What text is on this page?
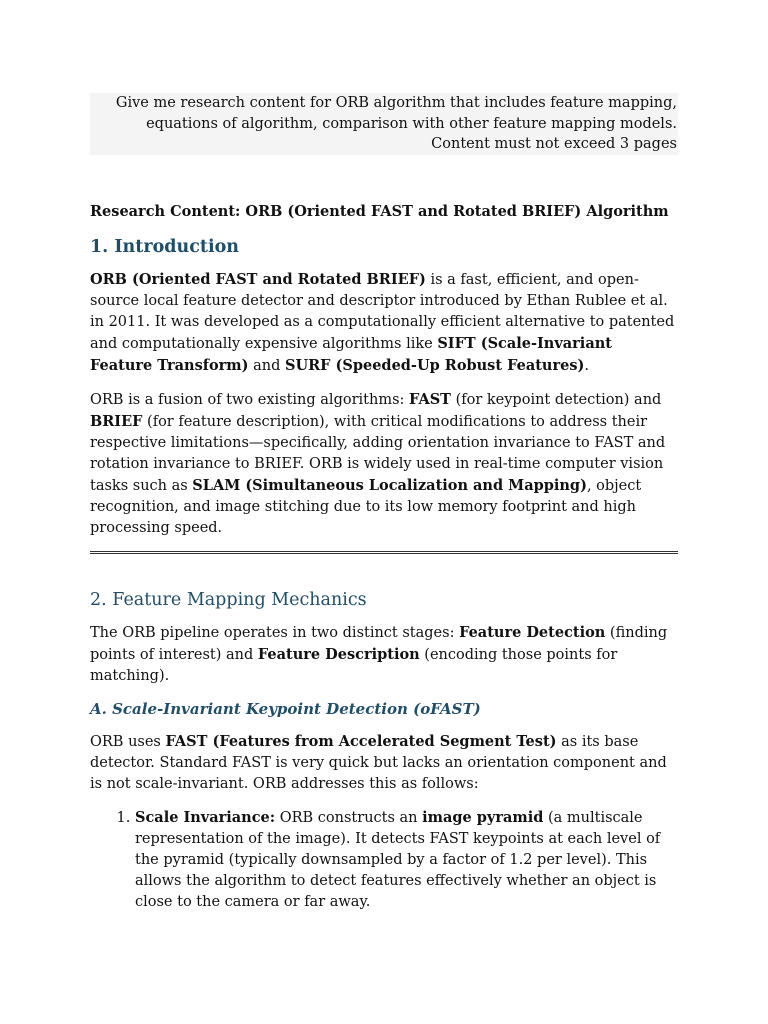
Give me research content for ORB algorithm that includes feature mapping, equations of algorithm, comparison with other feature mapping models. Content must not exceed 3 pages
Research Content: ORB (Oriented FAST and Rotated BRIEF) Algorithm
1. Introduction

ORB (Oriented FAST and Rotated BRIEF) is a fast, efficient, and open-source local feature detector and descriptor introduced by Ethan Rublee et al. in 2011. It was developed as a computationally efficient alternative to patented and computationally expensive algorithms like SIFT (Scale-Invariant Feature Transform) and SURF (Speeded-Up Robust Features).

ORB is a fusion of two existing algorithms: FAST (for keypoint detection) and BRIEF (for feature description), with critical modifications to address their respective limitations—specifically, adding orientation invariance to FAST and rotation invariance to BRIEF. ORB is widely used in real-time computer vision tasks such as SLAM (Simultaneous Localization and Mapping), object recognition, and image stitching due to its low memory footprint and high processing speed.

2. Feature Mapping Mechanics

The ORB pipeline operates in two distinct stages: Feature Detection (finding points of interest) and Feature Description (encoding those points for matching).

A. Scale-Invariant Keypoint Detection (oFAST)

ORB uses FAST (Features from Accelerated Segment Test) as its base detector. Standard FAST is very quick but lacks an orientation component and is not scale-invariant. ORB addresses this as follows:

1. Scale Invariance: ORB constructs an image pyramid (a multiscale representation of the image). It detects FAST keypoints at each level of the pyramid (typically downsampled by a factor of 1.2 per level). This allows the algorithm to detect features effectively whether an object is close to the camera or far away.
